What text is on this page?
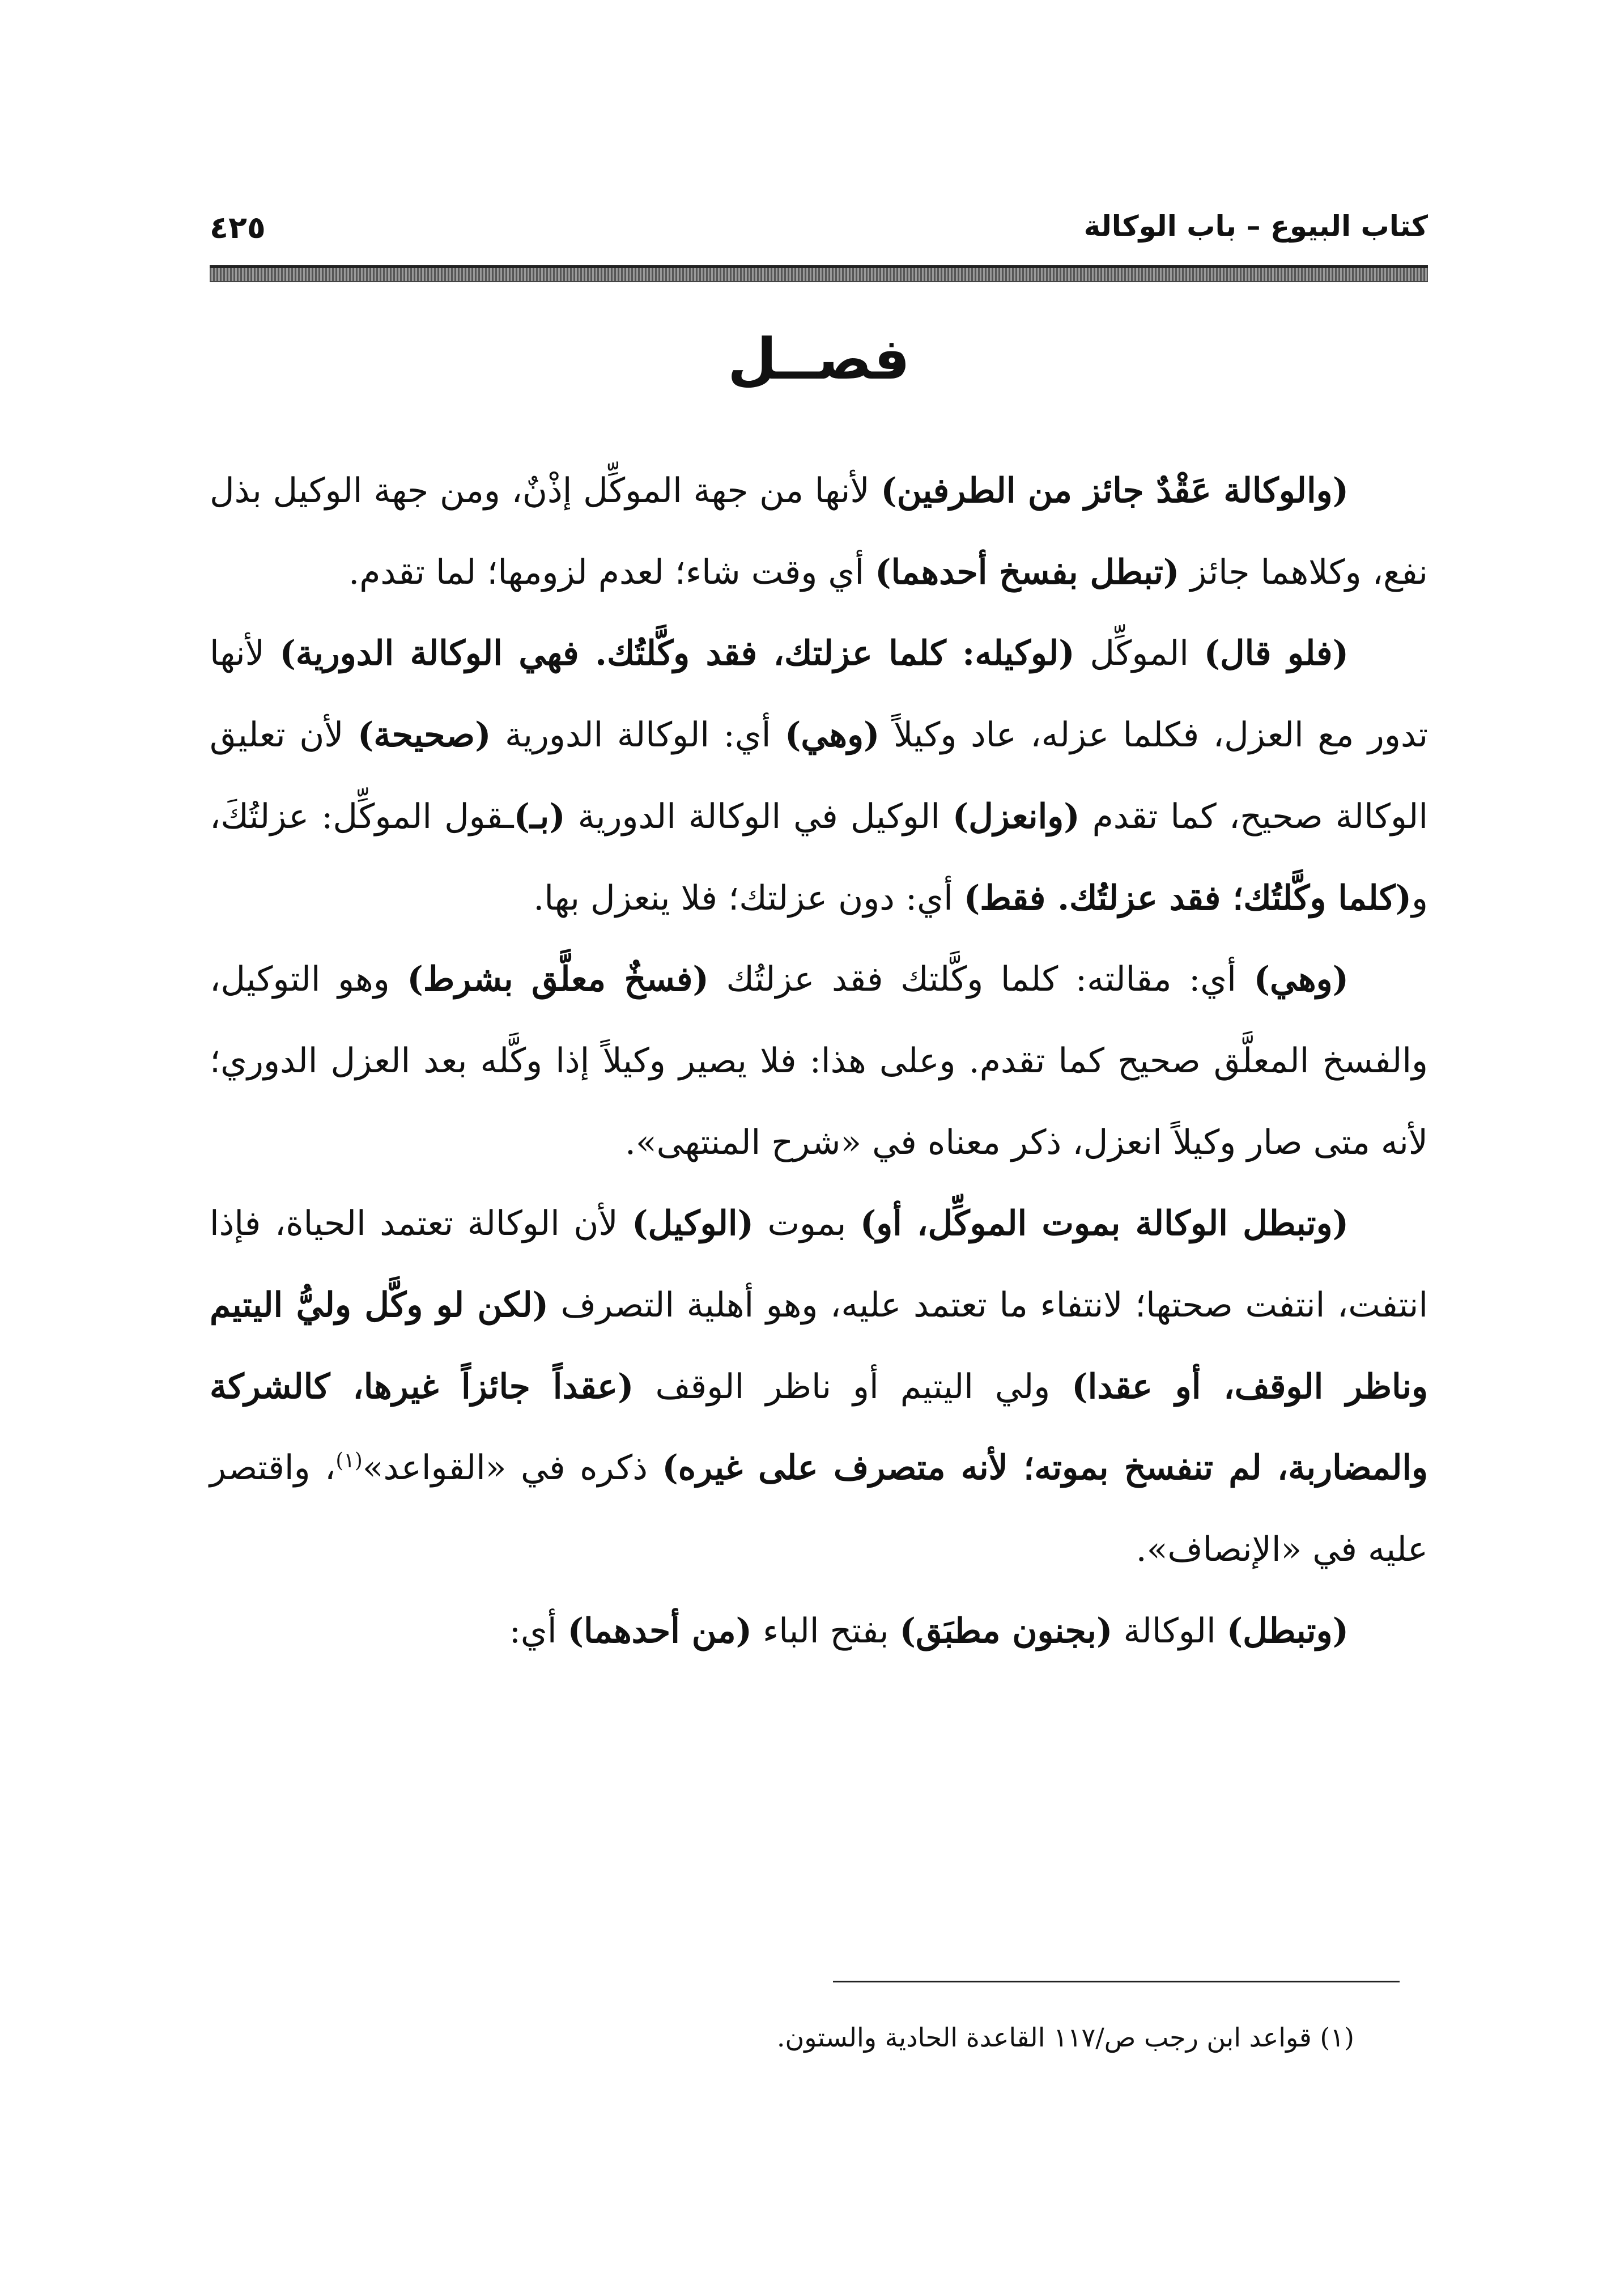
كتاب البيوع – باب الوكالة
٤٢٥
فصــل

(والوكالة عَقْدٌ جائز من الطرفين) لأنها من جهة الموكِّل إذْنٌ، ومن جهة الوكيل بذل نفع، وكلاهما جائز (تبطل بفسخ أحدهما) أي وقت شاء؛ لعدم لزومها؛ لما تقدم.

(فلو قال) الموكِّل (لوكيله: كلما عزلتك، فقد وكَّلتُك. فهي الوكالة الدورية) لأنها تدور مع العزل، فكلما عزله، عاد وكيلاً (وهي) أي: الوكالة الدورية (صحيحة) لأن تعليق الوكالة صحيح، كما تقدم (وانعزل) الوكيل في الوكالة الدورية (بـ)ـقول الموكِّل: عزلتُكَ، و(كلما وكَّلتُك؛ فقد عزلتُك. فقط) أي: دون عزلتك؛ فلا ينعزل بها.

(وهي) أي: مقالته: كلما وكَّلتك فقد عزلتُك (فسخٌ معلَّق بشرط) وهو التوكيل، والفسخ المعلَّق صحيح كما تقدم. وعلى هذا: فلا يصير وكيلاً إذا وكَّله بعد العزل الدوري؛ لأنه متى صار وكيلاً انعزل، ذكر معناه في «شرح المنتهى».

(وتبطل الوكالة بموت الموكِّل، أو) بموت (الوكيل) لأن الوكالة تعتمد الحياة، فإذا انتفت، انتفت صحتها؛ لانتفاء ما تعتمد عليه، وهو أهلية التصرف (لكن لو وكَّل وليُّ اليتيم وناظر الوقف، أو عقدا) ولي اليتيم أو ناظر الوقف (عقداً جائزاً غيرها، كالشركة والمضاربة، لم تنفسخ بموته؛ لأنه متصرف على غيره) ذكره في «القواعد»$^{(١)}$، واقتصر عليه في «الإنصاف».

(وتبطل) الوكالة (بجنون مطبَق) بفتح الباء (من أحدهما) أي:

(١) قواعد ابن رجب ص/١١٧ القاعدة الحادية والستون.
